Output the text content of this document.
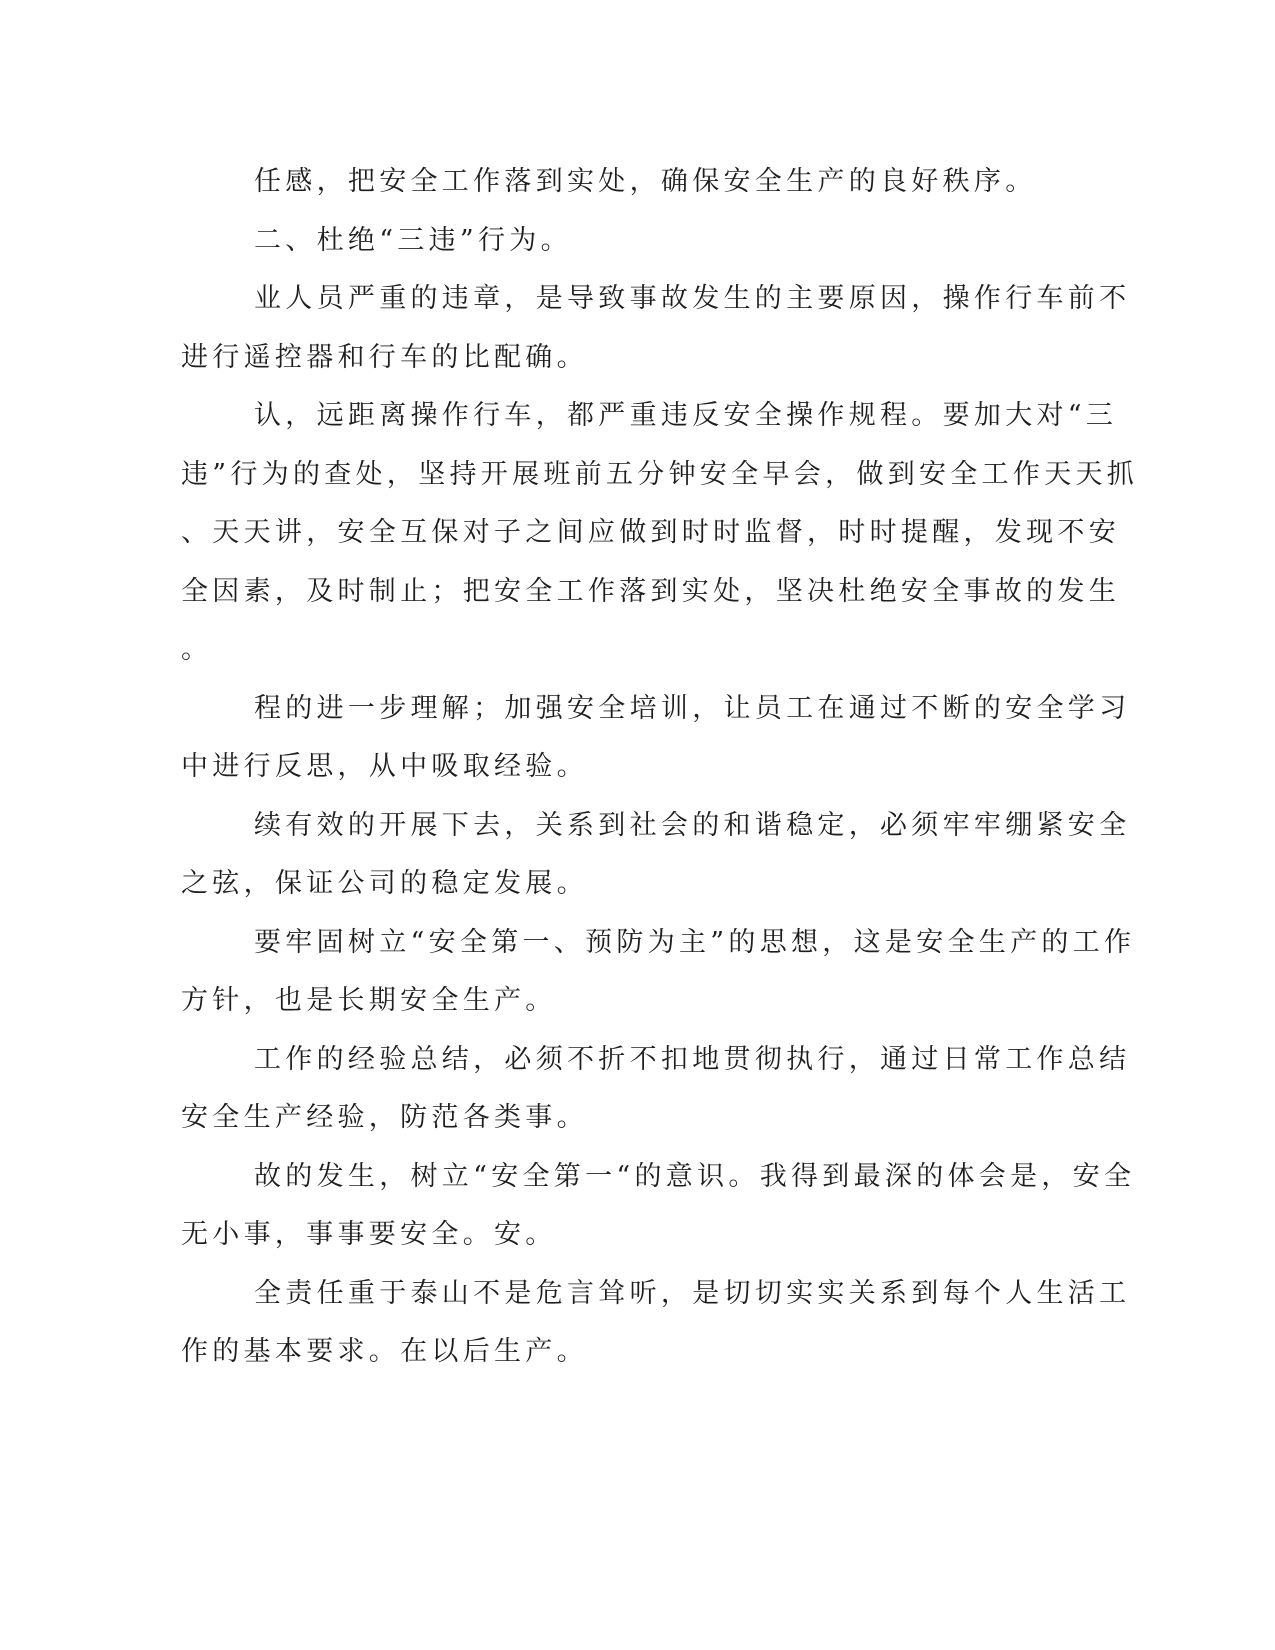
任感，把安全工作落到实处，确保安全生产的良好秩序。
二、杜绝“三违”行为。
业人员严重的违章，是导致事故发生的主要原因，操作行车前不
进行遥控器和行车的比配确。
认，远距离操作行车，都严重违反安全操作规程。要加大对“三
违”行为的查处，坚持开展班前五分钟安全早会，做到安全工作天天抓
、天天讲，安全互保对子之间应做到时时监督，时时提醒，发现不安
全因素，及时制止；把安全工作落到实处，坚决杜绝安全事故的发生
。
程的进一步理解；加强安全培训，让员工在通过不断的安全学习
中进行反思，从中吸取经验。
续有效的开展下去，关系到社会的和谐稳定，必须牢牢绷紧安全
之弦，保证公司的稳定发展。
要牢固树立“安全第一、预防为主”的思想，这是安全生产的工作
方针，也是长期安全生产。
工作的经验总结，必须不折不扣地贯彻执行，通过日常工作总结
安全生产经验，防范各类事。
故的发生，树立“安全第一“的意识。我得到最深的体会是，安全
无小事，事事要安全。安。
全责任重于泰山不是危言耸听，是切切实实关系到每个人生活工
作的基本要求。在以后生产。
